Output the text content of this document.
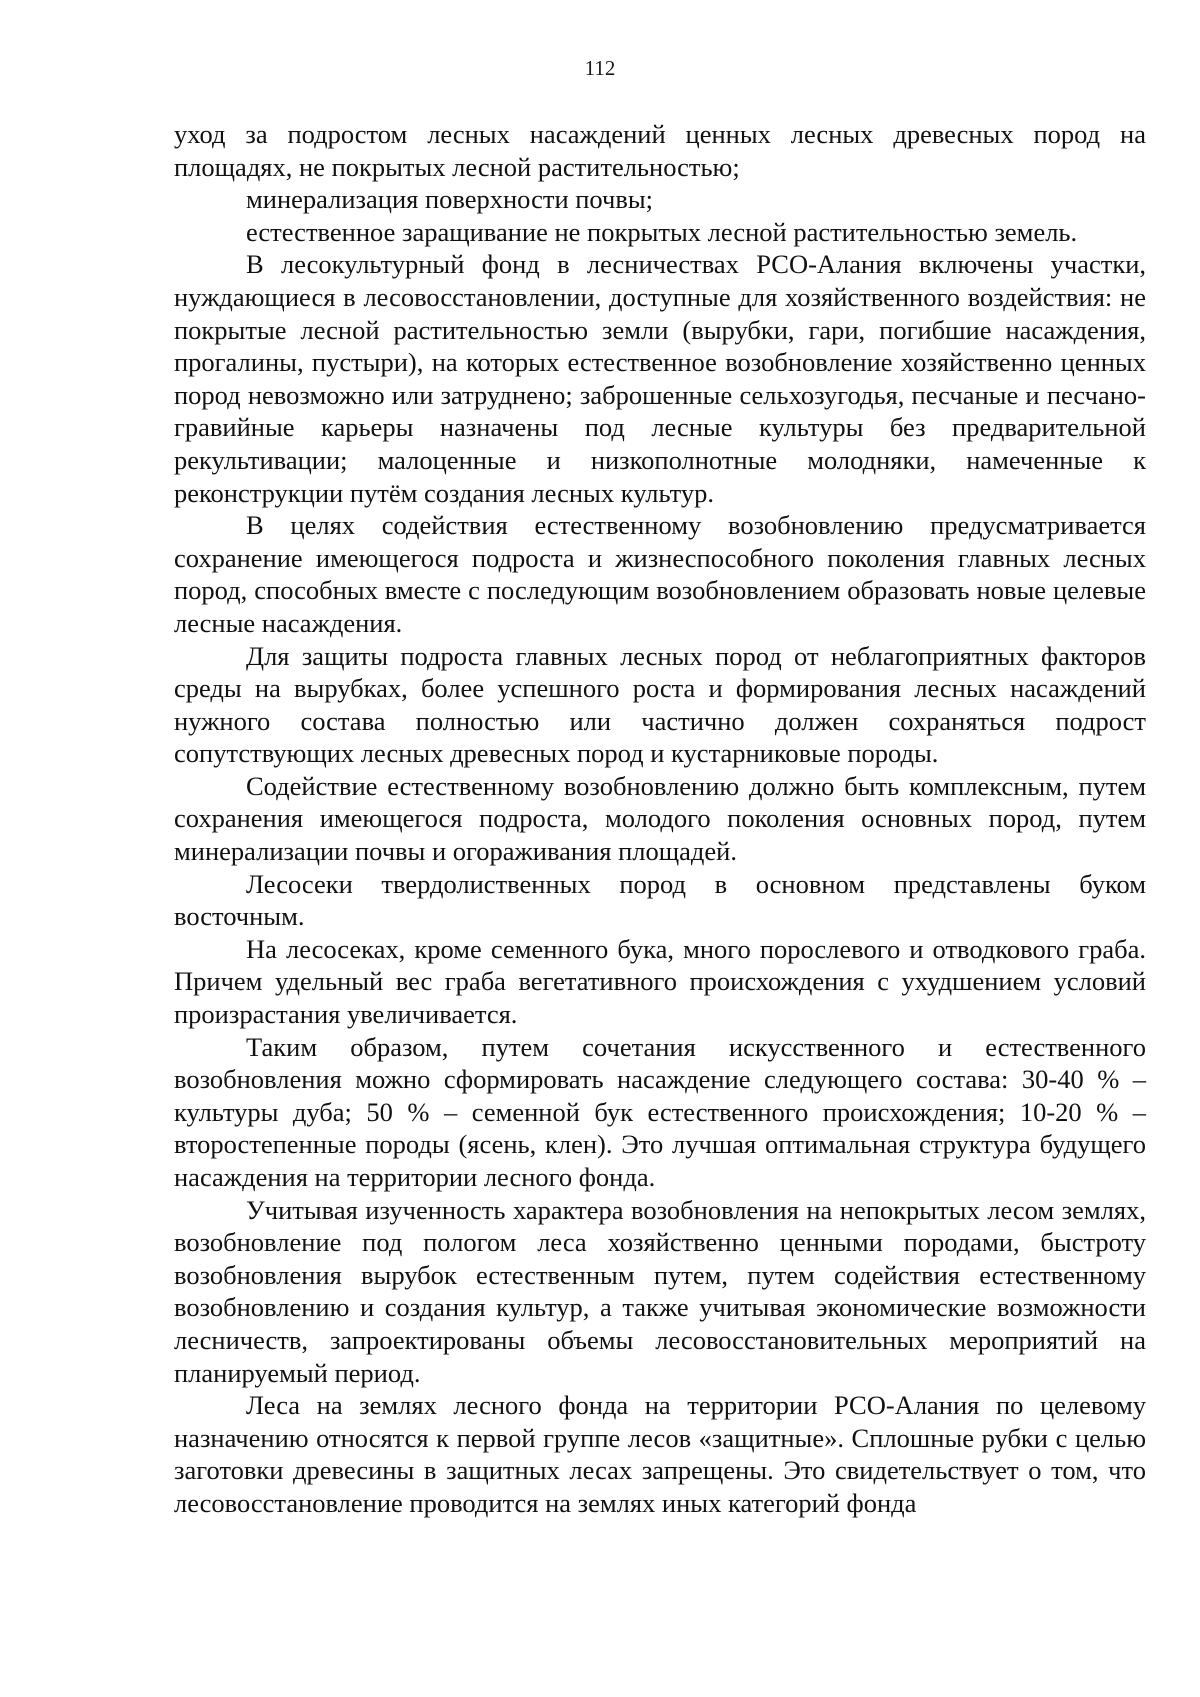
112

уход за подростом лесных насаждений ценных лесных древесных пород на площадях, не покрытых лесной растительностью;

минерализация поверхности почвы;

естественное заращивание не покрытых лесной растительностью земель.

В лесокультурный фонд в лесничествах РСО-Алания включены участки, нуждающиеся в лесовосстановлении, доступные для хозяйственного воздействия: не покрытые лесной растительностью земли (вырубки, гари, погибшие насаждения, прогалины, пустыри), на которых естественное возобновление хозяйственно ценных пород невозможно или затруднено; заброшенные сельхозугодья, песчаные и песчано-гравийные карьеры назначены под лесные культуры без предварительной рекультивации; малоценные и низкополнотные молодняки, намеченные к реконструкции путём создания лесных культур.

В целях содействия естественному возобновлению предусматривается сохранение имеющегося подроста и жизнеспособного поколения главных лесных пород, способных вместе с последующим возобновлением образовать новые целевые лесные насаждения.

Для защиты подроста главных лесных пород от неблагоприятных факторов среды на вырубках, более успешного роста и формирования лесных насаждений нужного состава полностью или частично должен сохраняться подрост сопутствующих лесных древесных пород и кустарниковые породы.

Содействие естественному возобновлению должно быть комплексным, путем сохранения имеющегося подроста, молодого поколения основных пород, путем минерализации почвы и огораживания площадей.

Лесосеки твердолиственных пород в основном представлены буком восточным.

На лесосеках, кроме семенного бука, много порослевого и отводкового граба. Причем удельный вес граба вегетативного происхождения с ухудшением условий произрастания увеличивается.

Таким образом, путем сочетания искусственного и естественного возобновления можно сформировать насаждение следующего состава: 30-40 % – культуры дуба; 50 % – семенной бук естественного происхождения; 10-20 % – второстепенные породы (ясень, клен). Это лучшая оптимальная структура будущего насаждения на территории лесного фонда.

Учитывая изученность характера возобновления на непокрытых лесом землях, возобновление под пологом леса хозяйственно ценными породами, быстроту возобновления вырубок естественным путем, путем содействия естественному возобновлению и создания культур, а также учитывая экономические возможности лесничеств, запроектированы объемы лесовосстановительных мероприятий на планируемый период.

Леса на землях лесного фонда на территории РСО-Алания по целевому назначению относятся к первой группе лесов «защитные». Сплошные рубки с целью заготовки древесины в защитных лесах запрещены. Это свидетельствует о том, что лесовосстановление проводится на землях иных категорий фонда
